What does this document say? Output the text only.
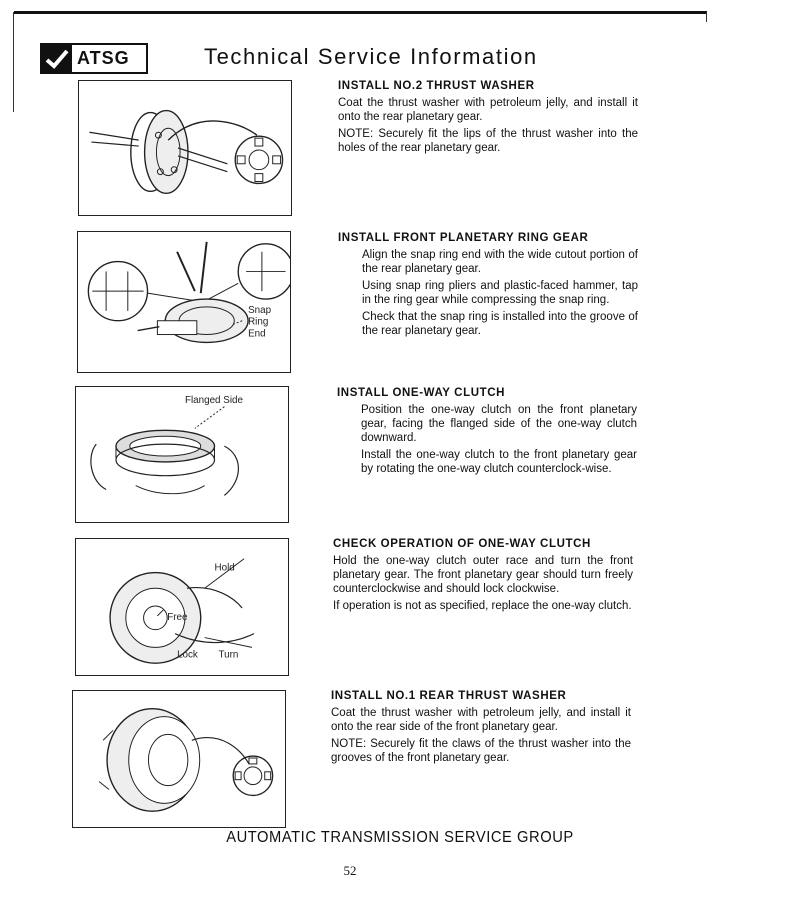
ATSG	Technical Service Information
Snap
Ring
End
Flanged Side
Hold
Free
Lock Turn
INSTALL NO.2 THRUST WASHER

Coat the thrust washer with petroleum jelly, and install it onto the rear planetary gear.

NOTE: Securely fit the lips of the thrust washer into the holes of the rear planetary gear.

INSTALL FRONT PLANETARY RING GEAR

Align the snap ring end with the wide cutout portion of the rear planetary gear.

Using snap ring pliers and plastic-faced hammer, tap in the ring gear while compressing the snap ring.

Check that the snap ring is installed into the groove of the rear planetary gear.

INSTALL ONE-WAY CLUTCH

Position the one-way clutch on the front planetary gear, facing the flanged side of the one-way clutch downward.

Install the one-way clutch to the front planetary gear by rotating the one-way clutch counterclock-wise.

CHECK OPERATION OF ONE-WAY CLUTCH

Hold the one-way clutch outer race and turn the front planetary gear. The front planetary gear should turn freely counterclockwise and should lock clockwise.

If operation is not as specified, replace the one-way clutch.

INSTALL NO.1 REAR THRUST WASHER

Coat the thrust washer with petroleum jelly, and install it onto the rear side of the front planetary gear.

NOTE: Securely fit the claws of the thrust washer into the grooves of the front planetary gear.

AUTOMATIC TRANSMISSION SERVICE GROUP
52
